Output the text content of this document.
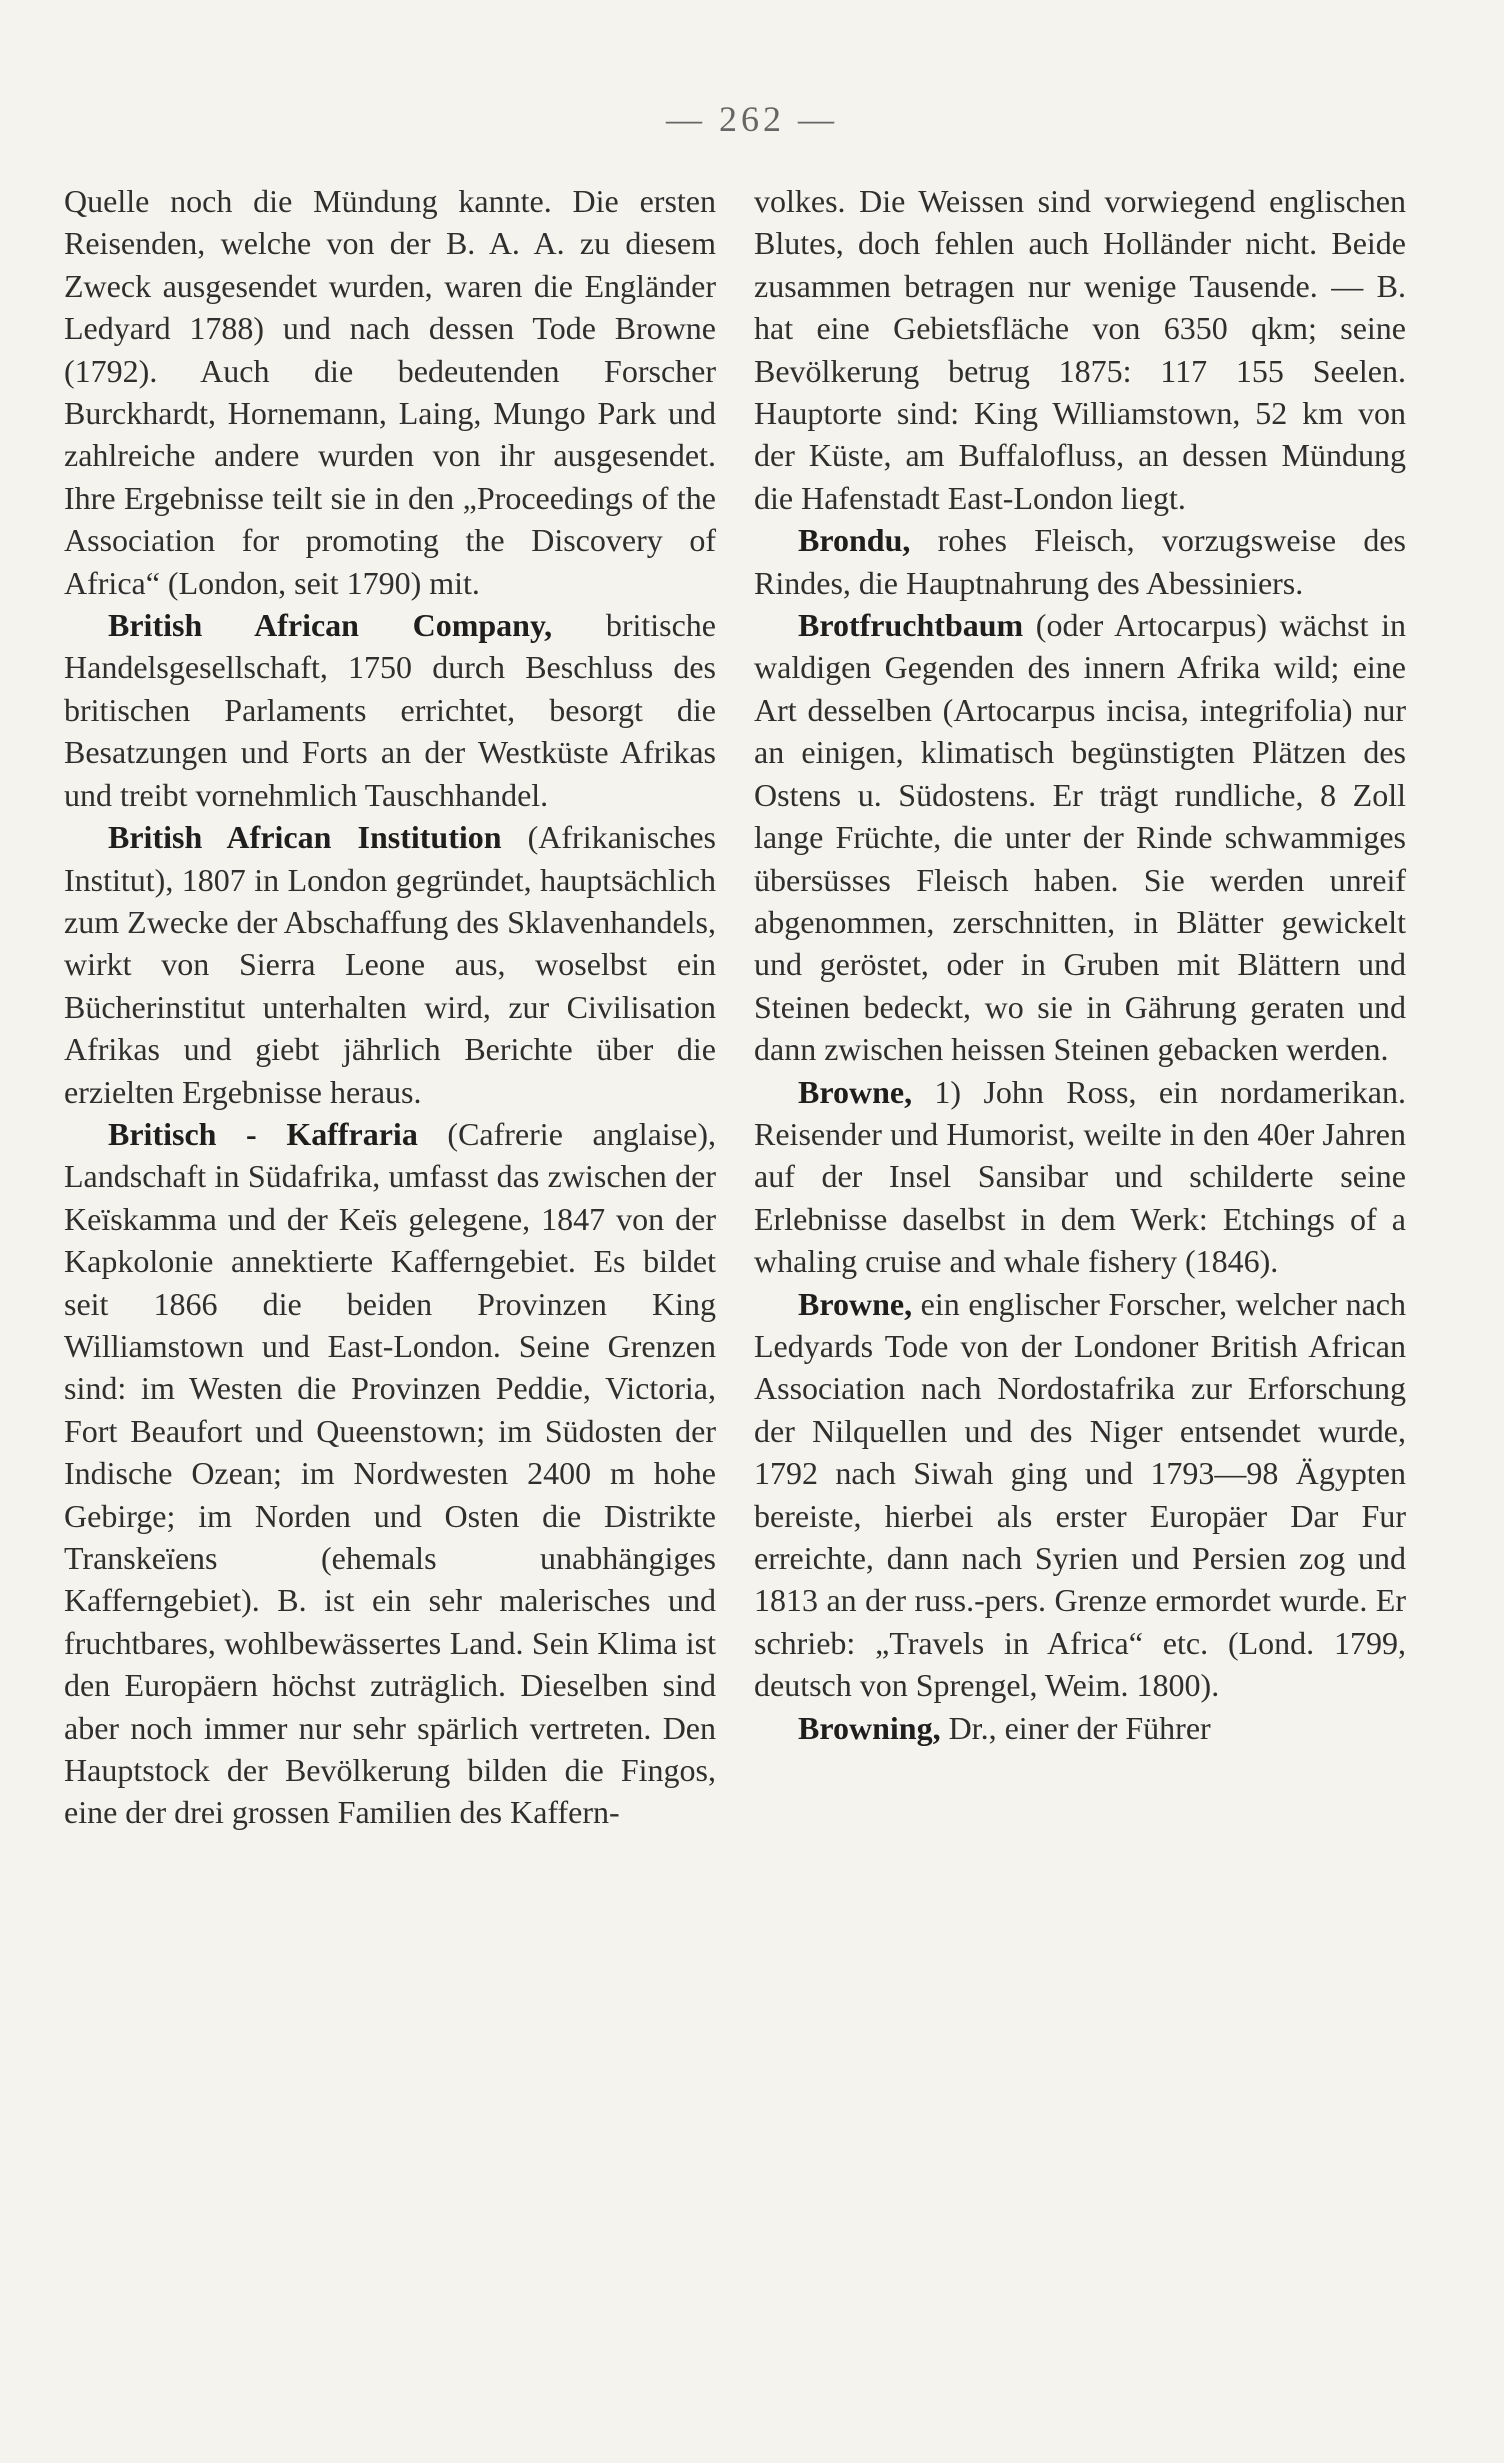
— 262 —

Quelle noch die Mündung kannte. Die ersten Reisenden, welche von der B. A. A. zu diesem Zweck ausgesendet wurden, waren die Engländer Ledyard 1788) und nach dessen Tode Browne (1792). Auch die bedeutenden Forscher Burckhardt, Hornemann, Laing, Mungo Park und zahlreiche andere wurden von ihr ausgesendet. Ihre Ergebnisse teilt sie in den „Proceedings of the Association for promoting the Discovery of Africa“ (London, seit 1790) mit.

British African Company, britische Handelsgesellschaft, 1750 durch Beschluss des britischen Parlaments errichtet, besorgt die Besatzungen und Forts an der Westküste Afrikas und treibt vornehmlich Tauschhandel.

British African Institution (Afrikanisches Institut), 1807 in London gegründet, hauptsächlich zum Zwecke der Abschaffung des Sklavenhandels, wirkt von Sierra Leone aus, woselbst ein Bücherinstitut unterhalten wird, zur Civilisation Afrikas und giebt jährlich Berichte über die erzielten Ergebnisse heraus.

Britisch - Kaffraria (Cafrerie anglaise), Landschaft in Südafrika, umfasst das zwischen der Keïskamma und der Keïs gelegene, 1847 von der Kapkolonie annektierte Kafferngebiet. Es bildet seit 1866 die beiden Provinzen King Williamstown und East-London. Seine Grenzen sind: im Westen die Provinzen Peddie, Victoria, Fort Beaufort und Queenstown; im Südosten der Indische Ozean; im Nordwesten 2400 m hohe Gebirge; im Norden und Osten die Distrikte Transkeïens (ehemals unabhängiges Kafferngebiet). B. ist ein sehr malerisches und fruchtbares, wohlbewässertes Land. Sein Klima ist den Europäern höchst zuträglich. Dieselben sind aber noch immer nur sehr spärlich vertreten. Den Hauptstock der Bevölkerung bilden die Fingos, eine der drei grossen Familien des Kaffern-

volkes. Die Weissen sind vorwiegend englischen Blutes, doch fehlen auch Holländer nicht. Beide zusammen betragen nur wenige Tausende. — B. hat eine Gebietsfläche von 6350 qkm; seine Bevölkerung betrug 1875: 117 155 Seelen. Hauptorte sind: King Williamstown, 52 km von der Küste, am Buffalofluss, an dessen Mündung die Hafenstadt East-London liegt.

Brondu, rohes Fleisch, vorzugsweise des Rindes, die Hauptnahrung des Abessiniers.

Brotfruchtbaum (oder Artocarpus) wächst in waldigen Gegenden des innern Afrika wild; eine Art desselben (Artocarpus incisa, integrifolia) nur an einigen, klimatisch begünstigten Plätzen des Ostens u. Südostens. Er trägt rundliche, 8 Zoll lange Früchte, die unter der Rinde schwammiges übersüsses Fleisch haben. Sie werden unreif abgenommen, zerschnitten, in Blätter gewickelt und geröstet, oder in Gruben mit Blättern und Steinen bedeckt, wo sie in Gährung geraten und dann zwischen heissen Steinen gebacken werden.

Browne, 1) John Ross, ein nordamerikan. Reisender und Humorist, weilte in den 40er Jahren auf der Insel Sansibar und schilderte seine Erlebnisse daselbst in dem Werk: Etchings of a whaling cruise and whale fishery (1846).

Browne, ein englischer Forscher, welcher nach Ledyards Tode von der Londoner British African Association nach Nordostafrika zur Erforschung der Nilquellen und des Niger entsendet wurde, 1792 nach Siwah ging und 1793—98 Ägypten bereiste, hierbei als erster Europäer Dar Fur erreichte, dann nach Syrien und Persien zog und 1813 an der russ.-pers. Grenze ermordet wurde. Er schrieb: „Travels in Africa“ etc. (Lond. 1799, deutsch von Sprengel, Weim. 1800).

Browning, Dr., einer der Führer
